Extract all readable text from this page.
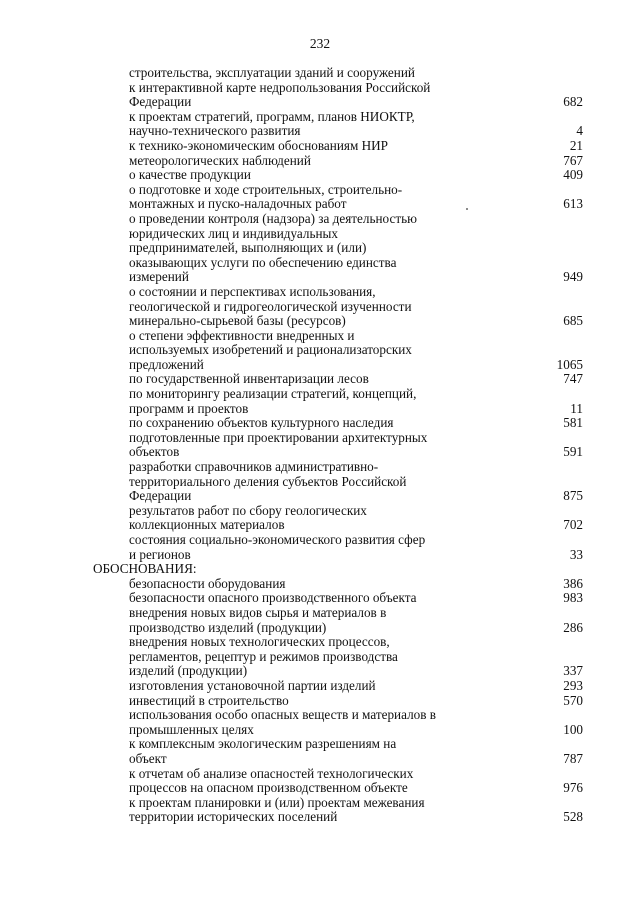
232
строительства, эксплуатации зданий и сооружений
к интерактивной карте недропользования Российской
Федерации	682
к проектам стратегий, программ, планов НИОКТР,
научно-технического развития	4
к технико-экономическим обоснованиям НИР	21
метеорологических наблюдений	767
о качестве продукции	409
о подготовке и ходе строительных, строительно-
монтажных и пуско-наладочных работ	613
о проведении контроля (надзора) за деятельностью
юридических лиц и индивидуальных
предпринимателей, выполняющих и (или)
оказывающих услуги по обеспечению единства
измерений	949
о состоянии и перспективах использования,
геологической и гидрогеологической изученности
минерально-сырьевой базы (ресурсов)	685
о степени эффективности внедренных и
используемых изобретений и рационализаторских
предложений	1065
по государственной инвентаризации лесов	747
по мониторингу реализации стратегий, концепций,
программ и проектов	11
по сохранению объектов культурного наследия	581
подготовленные при проектировании архитектурных
объектов	591
разработки справочников административно-
территориального деления субъектов Российской
Федерации	875
результатов работ по сбору геологических
коллекционных материалов	702
состояния социально-экономического развития сфер
и регионов	33
ОБОСНОВАНИЯ:
безопасности оборудования	386
безопасности опасного производственного объекта	983
внедрения новых видов сырья и материалов в
производство изделий (продукции)	286
внедрения новых технологических процессов,
регламентов, рецептур и режимов производства
изделий (продукции)	337
изготовления установочной партии изделий	293
инвестиций в строительство	570
использования особо опасных веществ и материалов в
промышленных целях	100
к комплексным экологическим разрешениям на
объект	787
к отчетам об анализе опасностей технологических
процессов на опасном производственном объекте	976
к проектам планировки и (или) проектам межевания
территории исторических поселений	528
